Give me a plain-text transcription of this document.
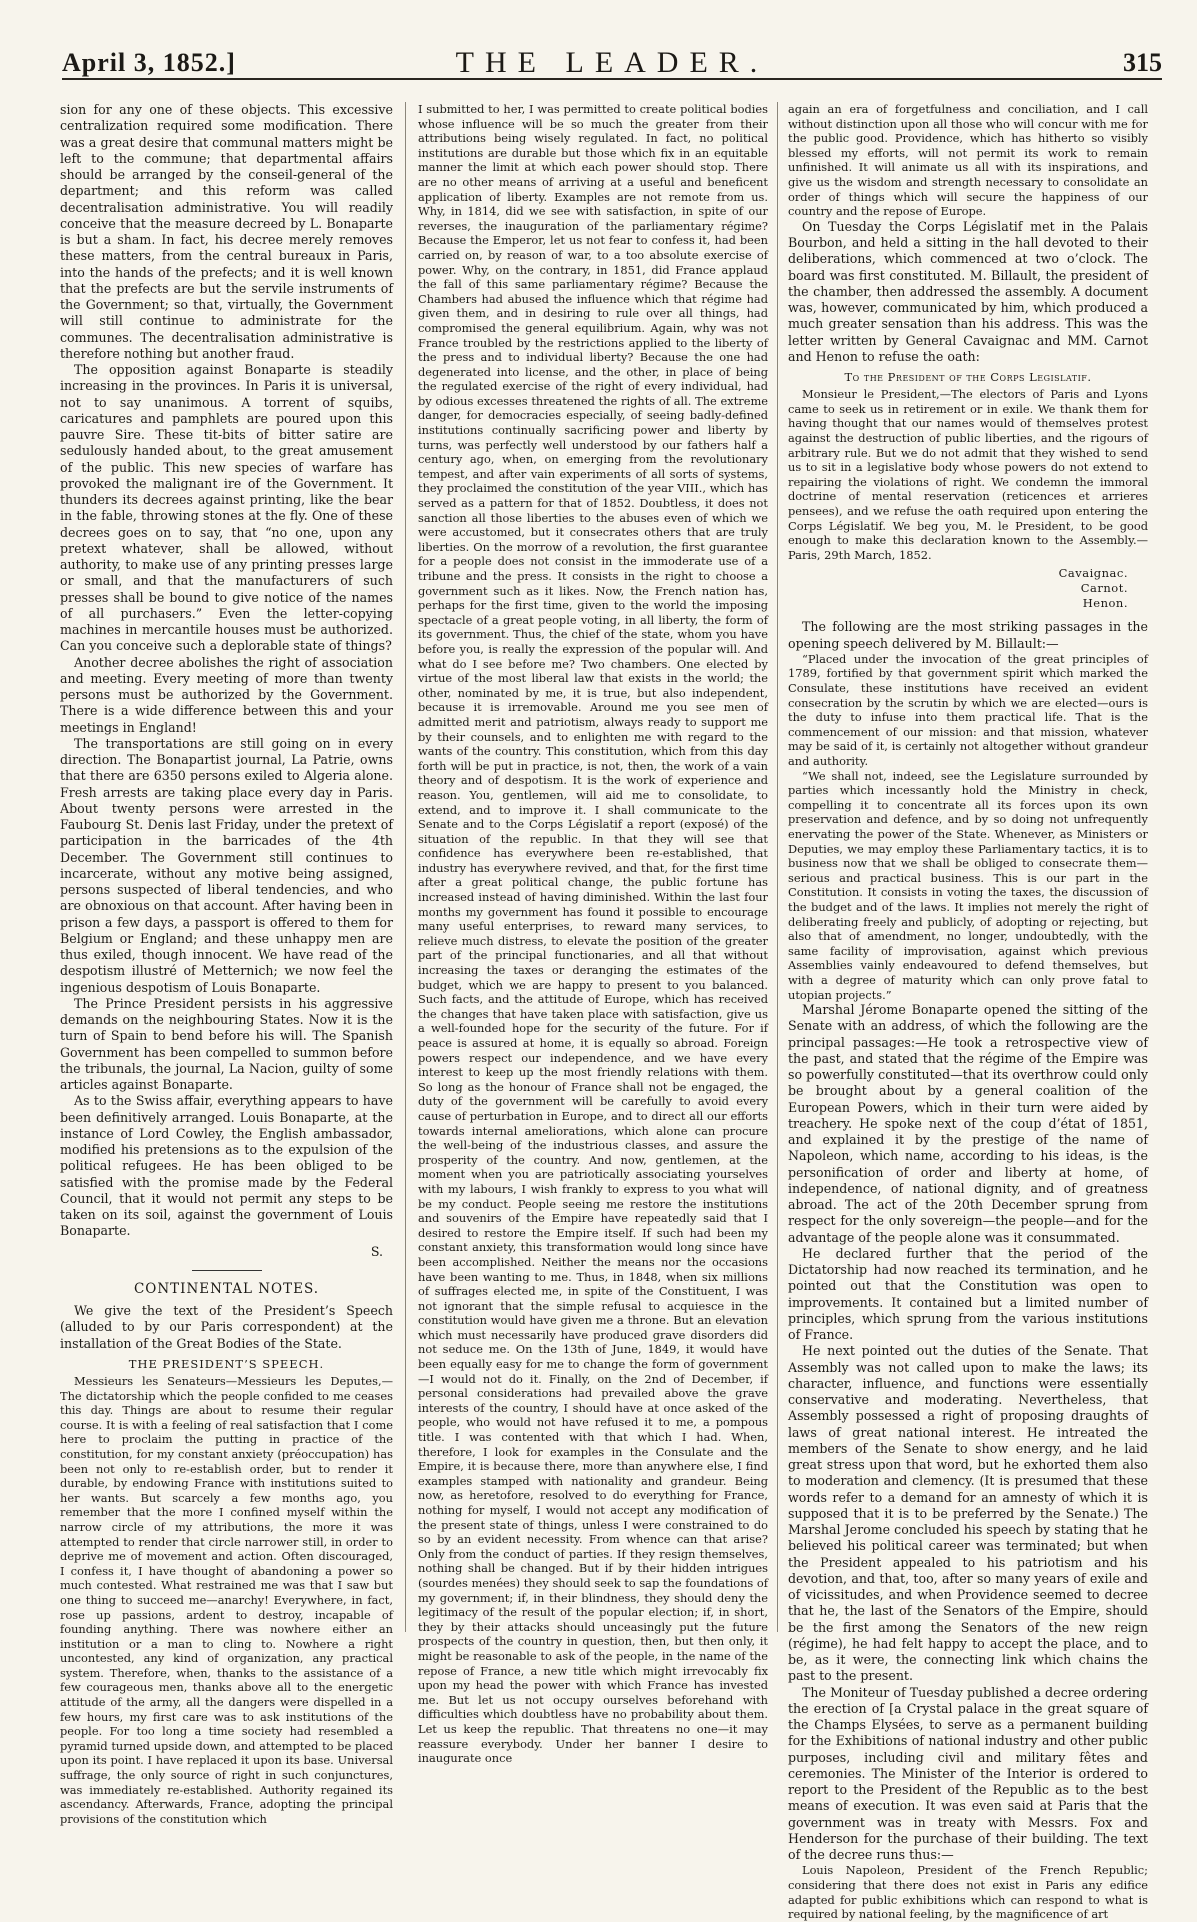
April 3, 1852.]	THE LEADER.	315

sion for any one of these objects. This excessive centralization required some modification. There was a great desire that communal matters might be left to the commune; that departmental affairs should be arranged by the conseil-general of the department; and this reform was called decentralisation administrative. You will readily conceive that the measure decreed by L. Bonaparte is but a sham. In fact, his decree merely removes these matters, from the central bureaux in Paris, into the hands of the prefects; and it is well known that the prefects are but the servile instruments of the Government; so that, virtually, the Government will still continue to administrate for the communes. The decentralisation administrative is therefore nothing but another fraud.

The opposition against Bonaparte is steadily increasing in the provinces. In Paris it is universal, not to say unanimous. A torrent of squibs, caricatures and pamphlets are poured upon this pauvre Sire. These tit-bits of bitter satire are sedulously handed about, to the great amusement of the public. This new species of warfare has provoked the malignant ire of the Government. It thunders its decrees against printing, like the bear in the fable, throwing stones at the fly. One of these decrees goes on to say, that “no one, upon any pretext whatever, shall be allowed, without authority, to make use of any printing presses large or small, and that the manufacturers of such presses shall be bound to give notice of the names of all purchasers.” Even the letter-copying machines in mercantile houses must be authorized. Can you conceive such a deplorable state of things?

Another decree abolishes the right of association and meeting. Every meeting of more than twenty persons must be authorized by the Government. There is a wide difference between this and your meetings in England!

The transportations are still going on in every direction. The Bonapartist journal, La Patrie, owns that there are 6350 persons exiled to Algeria alone. Fresh arrests are taking place every day in Paris. About twenty persons were arrested in the Faubourg St. Denis last Friday, under the pretext of participation in the barricades of the 4th December. The Government still continues to incarcerate, without any motive being assigned, persons suspected of liberal tendencies, and who are obnoxious on that account. After having been in prison a few days, a passport is offered to them for Belgium or England; and these unhappy men are thus exiled, though innocent. We have read of the despotism illustré of Metternich; we now feel the ingenious despotism of Louis Bonaparte.

The Prince President persists in his aggressive demands on the neighbouring States. Now it is the turn of Spain to bend before his will. The Spanish Government has been compelled to summon before the tribunals, the journal, La Nacion, guilty of some articles against Bonaparte.

As to the Swiss affair, everything appears to have been definitively arranged. Louis Bonaparte, at the instance of Lord Cowley, the English ambassador, modified his pretensions as to the expulsion of the political refugees. He has been obliged to be satisfied with the promise made by the Federal Council, that it would not permit any steps to be taken on its soil, against the government of Louis Bonaparte.

S.
CONTINENTAL NOTES.

We give the text of the President’s Speech (alluded to by our Paris correspondent) at the installation of the Great Bodies of the State.

THE PRESIDENT’S SPEECH.

Messieurs les Senateurs—Messieurs les Deputes,—The dictatorship which the people confided to me ceases this day. Things are about to resume their regular course. It is with a feeling of real satisfaction that I come here to proclaim the putting in practice of the constitution, for my constant anxiety (préoccupation) has been not only to re-establish order, but to render it durable, by endowing France with institutions suited to her wants. But scarcely a few months ago, you remember that the more I confined myself within the narrow circle of my attributions, the more it was attempted to render that circle narrower still, in order to deprive me of movement and action. Often discouraged, I confess it, I have thought of abandoning a power so much contested. What restrained me was that I saw but one thing to succeed me—anarchy! Everywhere, in fact, rose up passions, ardent to destroy, incapable of founding anything. There was nowhere either an institution or a man to cling to. Nowhere a right uncontested, any kind of organization, any practical system. Therefore, when, thanks to the assistance of a few courageous men, thanks above all to the energetic attitude of the army, all the dangers were dispelled in a few hours, my first care was to ask institutions of the people. For too long a time society had resembled a pyramid turned upside down, and attempted to be placed upon its point. I have replaced it upon its base. Universal suffrage, the only source of right in such conjunctures, was immediately re-established. Authority regained its ascendancy. Afterwards, France, adopting the principal provisions of the constitution which

I submitted to her, I was permitted to create political bodies whose influence will be so much the greater from their attributions being wisely regulated. In fact, no political institutions are durable but those which fix in an equitable manner the limit at which each power should stop. There are no other means of arriving at a useful and beneficent application of liberty. Examples are not remote from us. Why, in 1814, did we see with satisfaction, in spite of our reverses, the inauguration of the parliamentary régime? Because the Emperor, let us not fear to confess it, had been carried on, by reason of war, to a too absolute exercise of power. Why, on the contrary, in 1851, did France applaud the fall of this same parliamentary régime? Because the Chambers had abused the influence which that régime had given them, and in desiring to rule over all things, had compromised the general equilibrium. Again, why was not France troubled by the restrictions applied to the liberty of the press and to individual liberty? Because the one had degenerated into license, and the other, in place of being the regulated exercise of the right of every individual, had by odious excesses threatened the rights of all. The extreme danger, for democracies especially, of seeing badly-defined institutions continually sacrificing power and liberty by turns, was perfectly well understood by our fathers half a century ago, when, on emerging from the revolutionary tempest, and after vain experiments of all sorts of systems, they proclaimed the constitution of the year VIII., which has served as a pattern for that of 1852. Doubtless, it does not sanction all those liberties to the abuses even of which we were accustomed, but it consecrates others that are truly liberties. On the morrow of a revolution, the first guarantee for a people does not consist in the immoderate use of a tribune and the press. It consists in the right to choose a government such as it likes. Now, the French nation has, perhaps for the first time, given to the world the imposing spectacle of a great people voting, in all liberty, the form of its government. Thus, the chief of the state, whom you have before you, is really the expression of the popular will. And what do I see before me? Two chambers. One elected by virtue of the most liberal law that exists in the world; the other, nominated by me, it is true, but also independent, because it is irremovable. Around me you see men of admitted merit and patriotism, always ready to support me by their counsels, and to enlighten me with regard to the wants of the country. This constitution, which from this day forth will be put in practice, is not, then, the work of a vain theory and of despotism. It is the work of experience and reason. You, gentlemen, will aid me to consolidate, to extend, and to improve it. I shall communicate to the Senate and to the Corps Législatif a report (exposé) of the situation of the republic. In that they will see that confidence has everywhere been re-established, that industry has everywhere revived, and that, for the first time after a great political change, the public fortune has increased instead of having diminished. Within the last four months my government has found it possible to encourage many useful enterprises, to reward many services, to relieve much distress, to elevate the position of the greater part of the principal functionaries, and all that without increasing the taxes or deranging the estimates of the budget, which we are happy to present to you balanced. Such facts, and the attitude of Europe, which has received the changes that have taken place with satisfaction, give us a well-founded hope for the security of the future. For if peace is assured at home, it is equally so abroad. Foreign powers respect our independence, and we have every interest to keep up the most friendly relations with them. So long as the honour of France shall not be engaged, the duty of the government will be carefully to avoid every cause of perturbation in Europe, and to direct all our efforts towards internal ameliorations, which alone can procure the well-being of the industrious classes, and assure the prosperity of the country. And now, gentlemen, at the moment when you are patriotically associating yourselves with my labours, I wish frankly to express to you what will be my conduct. People seeing me restore the institutions and souvenirs of the Empire have repeatedly said that I desired to restore the Empire itself. If such had been my constant anxiety, this transformation would long since have been accomplished. Neither the means nor the occasions have been wanting to me. Thus, in 1848, when six millions of suffrages elected me, in spite of the Constituent, I was not ignorant that the simple refusal to acquiesce in the constitution would have given me a throne. But an elevation which must necessarily have produced grave disorders did not seduce me. On the 13th of June, 1849, it would have been equally easy for me to change the form of government—I would not do it. Finally, on the 2nd of December, if personal considerations had prevailed above the grave interests of the country, I should have at once asked of the people, who would not have refused it to me, a pompous title. I was contented with that which I had. When, therefore, I look for examples in the Consulate and the Empire, it is because there, more than anywhere else, I find examples stamped with nationality and grandeur. Being now, as heretofore, resolved to do everything for France, nothing for myself, I would not accept any modification of the present state of things, unless I were constrained to do so by an evident necessity. From whence can that arise? Only from the conduct of parties. If they resign themselves, nothing shall be changed. But if by their hidden intrigues (sourdes menées) they should seek to sap the foundations of my government; if, in their blindness, they should deny the legitimacy of the result of the popular election; if, in short, they by their attacks should unceasingly put the future prospects of the country in question, then, but then only, it might be reasonable to ask of the people, in the name of the repose of France, a new title which might irrevocably fix upon my head the power with which France has invested me. But let us not occupy ourselves beforehand with difficulties which doubtless have no probability about them. Let us keep the republic. That threatens no one—it may reassure everybody. Under her banner I desire to inaugurate once

again an era of forgetfulness and conciliation, and I call without distinction upon all those who will concur with me for the public good. Providence, which has hitherto so visibly blessed my efforts, will not permit its work to remain unfinished. It will animate us all with its inspirations, and give us the wisdom and strength necessary to consolidate an order of things which will secure the happiness of our country and the repose of Europe.

On Tuesday the Corps Législatif met in the Palais Bourbon, and held a sitting in the hall devoted to their deliberations, which commenced at two o’clock. The board was first constituted. M. Billault, the president of the chamber, then addressed the assembly. A document was, however, communicated by him, which produced a much greater sensation than his address. This was the letter written by General Cavaignac and MM. Carnot and Henon to refuse the oath:

To the President of the Corps Legislatif.

Monsieur le President,—The electors of Paris and Lyons came to seek us in retirement or in exile. We thank them for having thought that our names would of themselves protest against the destruction of public liberties, and the rigours of arbitrary rule. But we do not admit that they wished to send us to sit in a legislative body whose powers do not extend to repairing the violations of right. We condemn the immoral doctrine of mental reservation (reticences et arrieres pensees), and we refuse the oath required upon entering the Corps Législatif. We beg you, M. le President, to be good enough to make this declaration known to the Assembly.—Paris, 29th March, 1852.

Cavaignac.
Carnot.
Henon.

The following are the most striking passages in the opening speech delivered by M. Billault:—

“Placed under the invocation of the great principles of 1789, fortified by that government spirit which marked the Consulate, these institutions have received an evident consecration by the scrutin by which we are elected—ours is the duty to infuse into them practical life. That is the commencement of our mission: and that mission, whatever may be said of it, is certainly not altogether without grandeur and authority.

“We shall not, indeed, see the Legislature surrounded by parties which incessantly hold the Ministry in check, compelling it to concentrate all its forces upon its own preservation and defence, and by so doing not unfrequently enervating the power of the State. Whenever, as Ministers or Deputies, we may employ these Parliamentary tactics, it is to business now that we shall be obliged to consecrate them—serious and practical business. This is our part in the Constitution. It consists in voting the taxes, the discussion of the budget and of the laws. It implies not merely the right of deliberating freely and publicly, of adopting or rejecting, but also that of amendment, no longer, undoubtedly, with the same facility of improvisation, against which previous Assemblies vainly endeavoured to defend themselves, but with a degree of maturity which can only prove fatal to utopian projects.”

Marshal Jérome Bonaparte opened the sitting of the Senate with an address, of which the following are the principal passages:—He took a retrospective view of the past, and stated that the régime of the Empire was so powerfully constituted—that its overthrow could only be brought about by a general coalition of the European Powers, which in their turn were aided by treachery. He spoke next of the coup d’état of 1851, and explained it by the prestige of the name of Napoleon, which name, according to his ideas, is the personification of order and liberty at home, of independence, of national dignity, and of greatness abroad. The act of the 20th December sprung from respect for the only sovereign—the people—and for the advantage of the people alone was it consummated.

He declared further that the period of the Dictatorship had now reached its termination, and he pointed out that the Constitution was open to improvements. It contained but a limited number of principles, which sprung from the various institutions of France.

He next pointed out the duties of the Senate. That Assembly was not called upon to make the laws; its character, influence, and functions were essentially conservative and moderating. Nevertheless, that Assembly possessed a right of proposing draughts of laws of great national interest. He intreated the members of the Senate to show energy, and he laid great stress upon that word, but he exhorted them also to moderation and clemency. (It is presumed that these words refer to a demand for an amnesty of which it is supposed that it is to be preferred by the Senate.) The Marshal Jerome concluded his speech by stating that he believed his political career was terminated; but when the President appealed to his patriotism and his devotion, and that, too, after so many years of exile and of vicissitudes, and when Providence seemed to decree that he, the last of the Senators of the Empire, should be the first among the Senators of the new reign (régime), he had felt happy to accept the place, and to be, as it were, the connecting link which chains the past to the present.

The Moniteur of Tuesday published a decree ordering the erection of [a Crystal palace in the great square of the Champs Elysées, to serve as a permanent building for the Exhibitions of national industry and other public purposes, including civil and military fêtes and ceremonies. The Minister of the Interior is ordered to report to the President of the Republic as to the best means of execution. It was even said at Paris that the government was in treaty with Messrs. Fox and Henderson for the purchase of their building. The text of the decree runs thus:—

Louis Napoleon, President of the French Republic; considering that there does not exist in Paris any edifice adapted for public exhibitions which can respond to what is required by national feeling, by the magnificence of art
